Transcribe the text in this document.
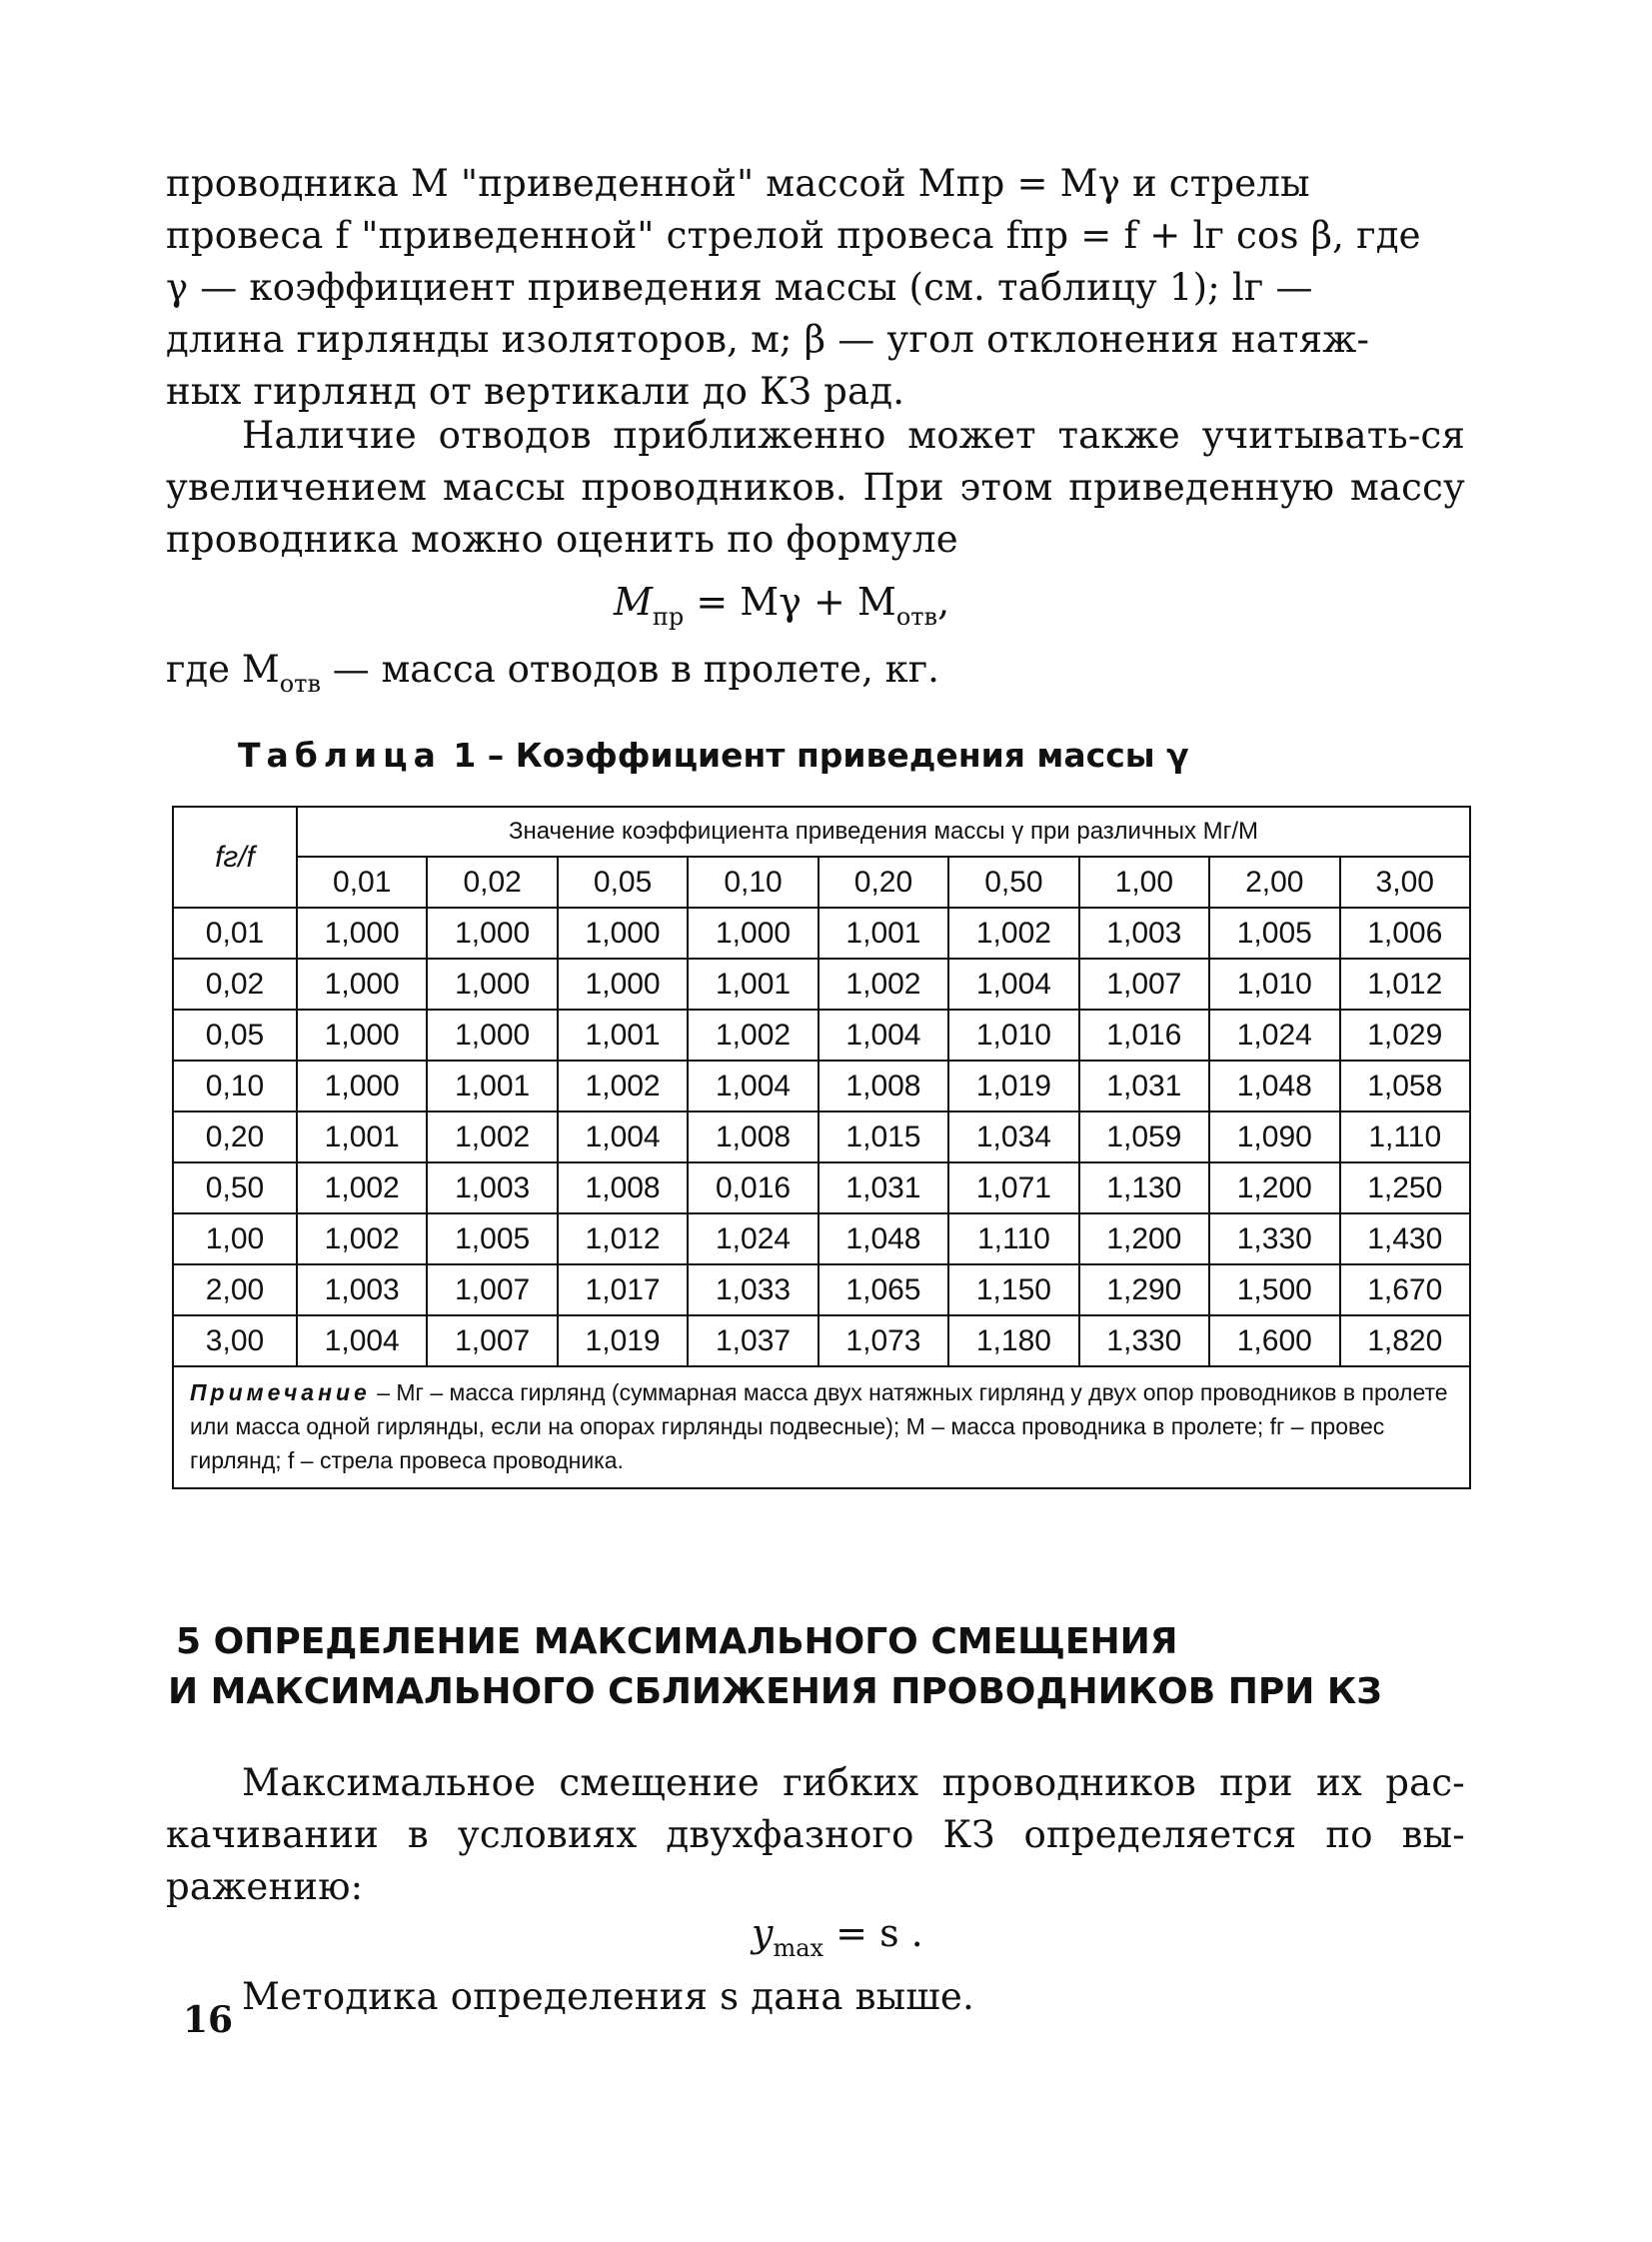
проводника M "приведенной" массой Mпр = Mγ и стрелы

провеса f "приведенной" стрелой провеса fпр = f + lг cos β, где

γ — коэффициент приведения массы (см. таблицу 1); lг —

длина гирлянды изоляторов, м; β — угол отклонения натяж-

ных гирлянд от вертикали до КЗ рад.

Наличие отводов приближенно может также учитывать-ся увеличением массы проводников. При этом приведенную массу проводника можно оценить по формуле

$M_{пр} = M\gamma + M_{отв}$,
где $M_{отв}$ — масса отводов в пролете, кг.
Таблица 1 – Коэффициент приведения массы γ
fг/f	Значение коэффициента приведения массы γ при различных Mг/M								
	0,01	0,02	0,05	0,10	0,20	0,50	1,00	2,00	3,00
0,01	1,000	1,000	1,000	1,000	1,001	1,002	1,003	1,005	1,006
0,02	1,000	1,000	1,000	1,001	1,002	1,004	1,007	1,010	1,012
0,05	1,000	1,000	1,001	1,002	1,004	1,010	1,016	1,024	1,029
0,10	1,000	1,001	1,002	1,004	1,008	1,019	1,031	1,048	1,058
0,20	1,001	1,002	1,004	1,008	1,015	1,034	1,059	1,090	1,110
0,50	1,002	1,003	1,008	0,016	1,031	1,071	1,130	1,200	1,250
1,00	1,002	1,005	1,012	1,024	1,048	1,110	1,200	1,330	1,430
2,00	1,003	1,007	1,017	1,033	1,065	1,150	1,290	1,500	1,670
3,00	1,004	1,007	1,019	1,037	1,073	1,180	1,330	1,600	1,820
Примечание – Mг – масса гирлянд (суммарная масса двух натяжных гирлянд у двух опор проводников в пролете или масса одной гирлянды, если на опорах гирлянды подвесные); M – масса проводника в пролете; fг – провес гирлянд; f – стрела провеса проводника.									
5 ОПРЕДЕЛЕНИЕ МАКСИМАЛЬНОГО СМЕЩЕНИЯ
И МАКСИМАЛЬНОГО СБЛИЖЕНИЯ ПРОВОДНИКОВ ПРИ КЗ

Максимальное смещение гибких проводников при их рас-качивании в условиях двухфазного КЗ определяется по вы-ражению:

$y_{max} = s$ .

Методика определения s дана выше.

16
